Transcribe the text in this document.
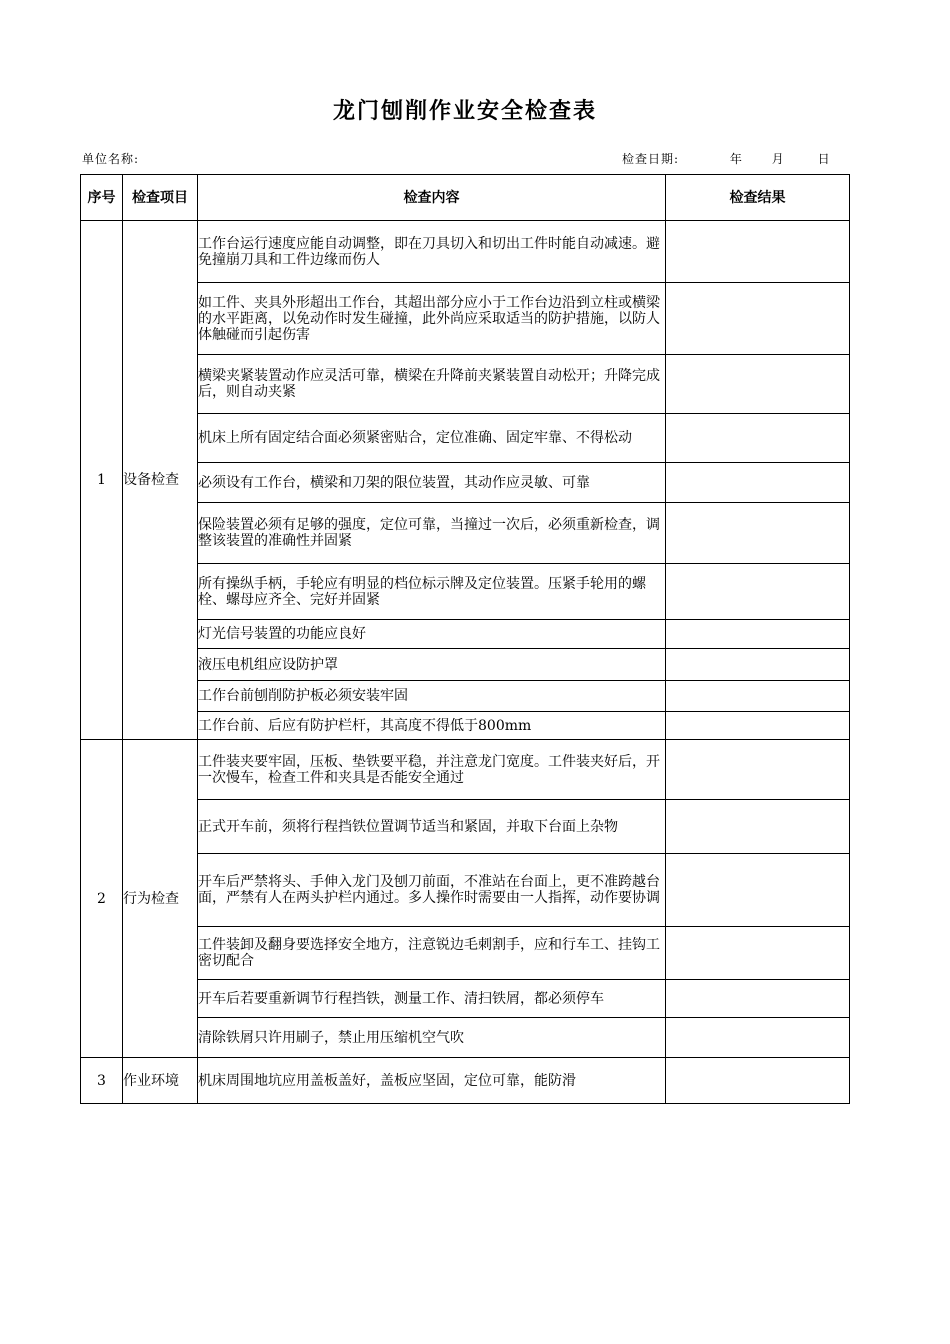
龙门刨削作业安全检查表
单位名称:	检查日期:	年 月	日
序号	检查项目	检查内容	检查结果
1	设备检查	工作台运行速度应能自动调整，即在刀具切入和切出工件时能自动减速。避免撞崩刀具和工件边缘而伤人	
		如工件、夹具外形超出工作台，其超出部分应小于工作台边沿到立柱或横梁的水平距离，以免动作时发生碰撞，此外尚应采取适当的防护措施，以防人体触碰而引起伤害	
		横梁夹紧装置动作应灵活可靠，横梁在升降前夹紧装置自动松开；升降完成后，则自动夹紧	
		机床上所有固定结合面必须紧密贴合，定位准确、固定牢靠、不得松动	
		必须设有工作台，横梁和刀架的限位装置，其动作应灵敏、可靠	
		保险装置必须有足够的强度，定位可靠，当撞过一次后，必须重新检查，调整该装置的准确性并固紧	
		所有操纵手柄，手轮应有明显的档位标示牌及定位装置。压紧手轮用的螺栓、螺母应齐全、完好并固紧	
		灯光信号装置的功能应良好	
		液压电机组应设防护罩	
		工作台前刨削防护板必须安装牢固	
		工作台前、后应有防护栏杆，其高度不得低于800mm	
2	行为检查	工件装夹要牢固，压板、垫铁要平稳，并注意龙门宽度。工件装夹好后，开一次慢车，检查工件和夹具是否能安全通过	
		正式开车前，须将行程挡铁位置调节适当和紧固，并取下台面上杂物	
		开车后严禁将头、手伸入龙门及刨刀前面，不准站在台面上，更不准跨越台面，严禁有人在两头护栏内通过。多人操作时需要由一人指挥，动作要协调	
		工件装卸及翻身要选择安全地方，注意锐边毛刺割手，应和行车工、挂钩工密切配合	
		开车后若要重新调节行程挡铁，测量工作、清扫铁屑，都必须停车	
		清除铁屑只许用刷子，禁止用压缩机空气吹	
3	作业环境	机床周围地坑应用盖板盖好，盖板应坚固，定位可靠，能防滑	
